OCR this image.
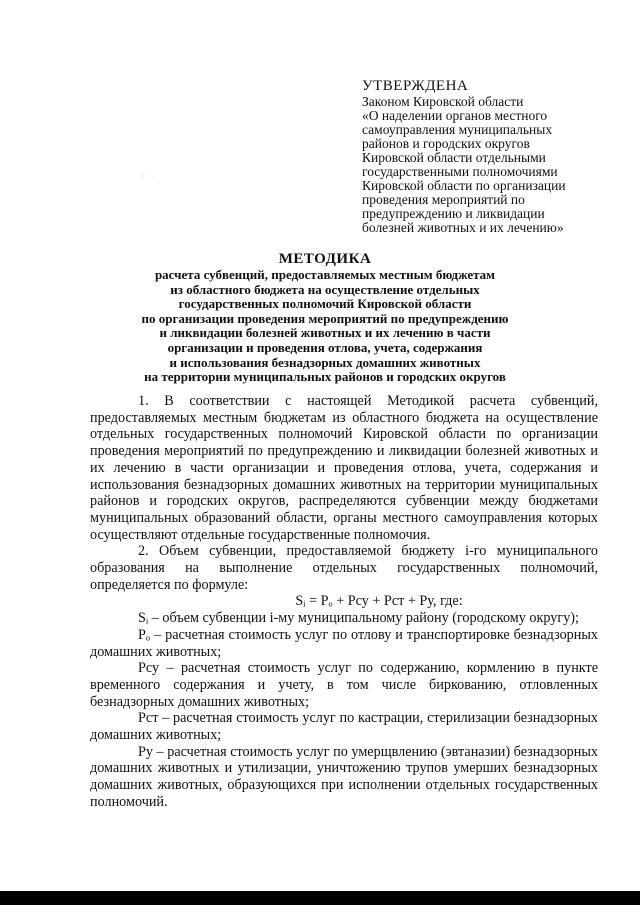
УТВЕРЖДЕНА
Законом Кировской области
«О наделении органов местного
самоуправления муниципальных
районов и городских округов
Кировской области отдельными
государственными полномочиями
Кировской области по организации
проведения мероприятий по
предупреждению и ликвидации
болезней животных и их лечению»
МЕТОДИКА
расчета субвенций, предоставляемых местным бюджетам
из областного бюджета на осуществление отдельных
государственных полномочий Кировской области
по организации проведения мероприятий по предупреждению
и ликвидации болезней животных и их лечению в части
организации и проведения отлова, учета, содержания
и использования безнадзорных домашних животных
на территории муниципальных районов и городских округов

1. В соответствии с настоящей Методикой расчета субвенций, предоставляемых местным бюджетам из областного бюджета на осуществление отдельных государственных полномочий Кировской области по организации проведения мероприятий по предупреждению и ликвидации болезней животных и их лечению в части организации и проведения отлова, учета, содержания и использования безнадзорных домашних животных на территории муниципальных районов и городских округов, распределяются субвенции между бюджетами муниципальных образований области, органы местного самоуправления которых осуществляют отдельные государственные полномочия.

2. Объем субвенции, предоставляемой бюджету i-го муниципального образования на выполнение отдельных государственных полномочий, определяется по формуле:

Sᵢ = Pₒ + Pсу + Pст + Pу, где:

Sᵢ – объем субвенции i-му муниципальному району (городскому округу);

Pₒ – расчетная стоимость услуг по отлову и транспортировке безнадзорных домашних животных;

Pсу – расчетная стоимость услуг по содержанию, кормлению в пункте временного содержания и учету, в том числе биркованию, отловленных безнадзорных домашних животных;

Pст – расчетная стоимость услуг по кастрации, стерилизации безнадзорных домашних животных;

Pу – расчетная стоимость услуг по умерщвлению (эвтаназии) безнадзорных домашних животных и утилизации, уничтожению трупов умерших безнадзорных домашних животных, образующихся при исполнении отдельных государственных полномочий.
